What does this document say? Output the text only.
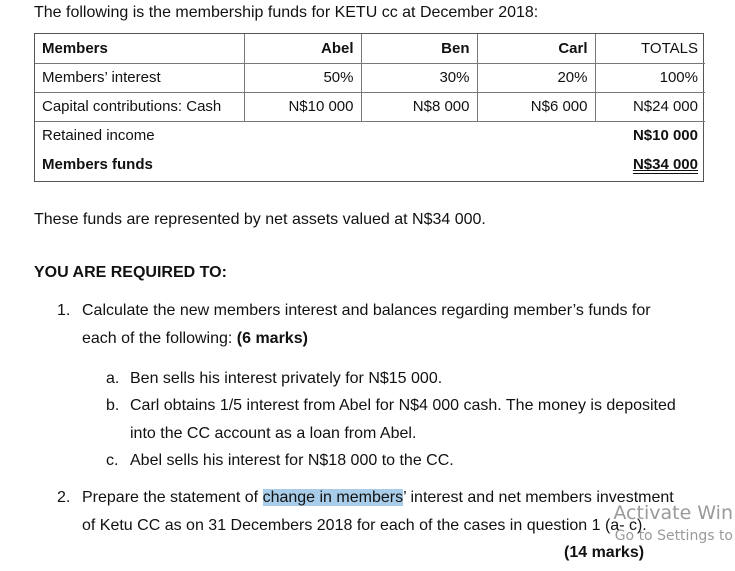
The following is the membership funds for KETU cc at December 2018:
Members	Abel	Ben	Carl	TOTALS
Members’ interest	50%	30%	20%	100%
Capital contributions: Cash	N$10 000	N$8 000	N$6 000	N$24 000
Retained income				N$10 000
Members funds				N$34 000
These funds are represented by net assets valued at N$34 000.
YOU ARE REQUIRED TO:
1. Calculate the new members interest and balances regarding member’s funds for
each of the following: (6 marks)
a. Ben sells his interest privately for N$15 000.
b. Carl obtains 1/5 interest from Abel for N$4 000 cash. The money is deposited
into the CC account as a loan from Abel.
c. Abel sells his interest for N$18 000 to the CC.
2. Prepare the statement of change in members’ interest and net members investment
of Ketu CC as on 31 Decembers 2018 for each of the cases in question 1 (a- c).
(14 marks)
Activate Win
Go to Settings to
